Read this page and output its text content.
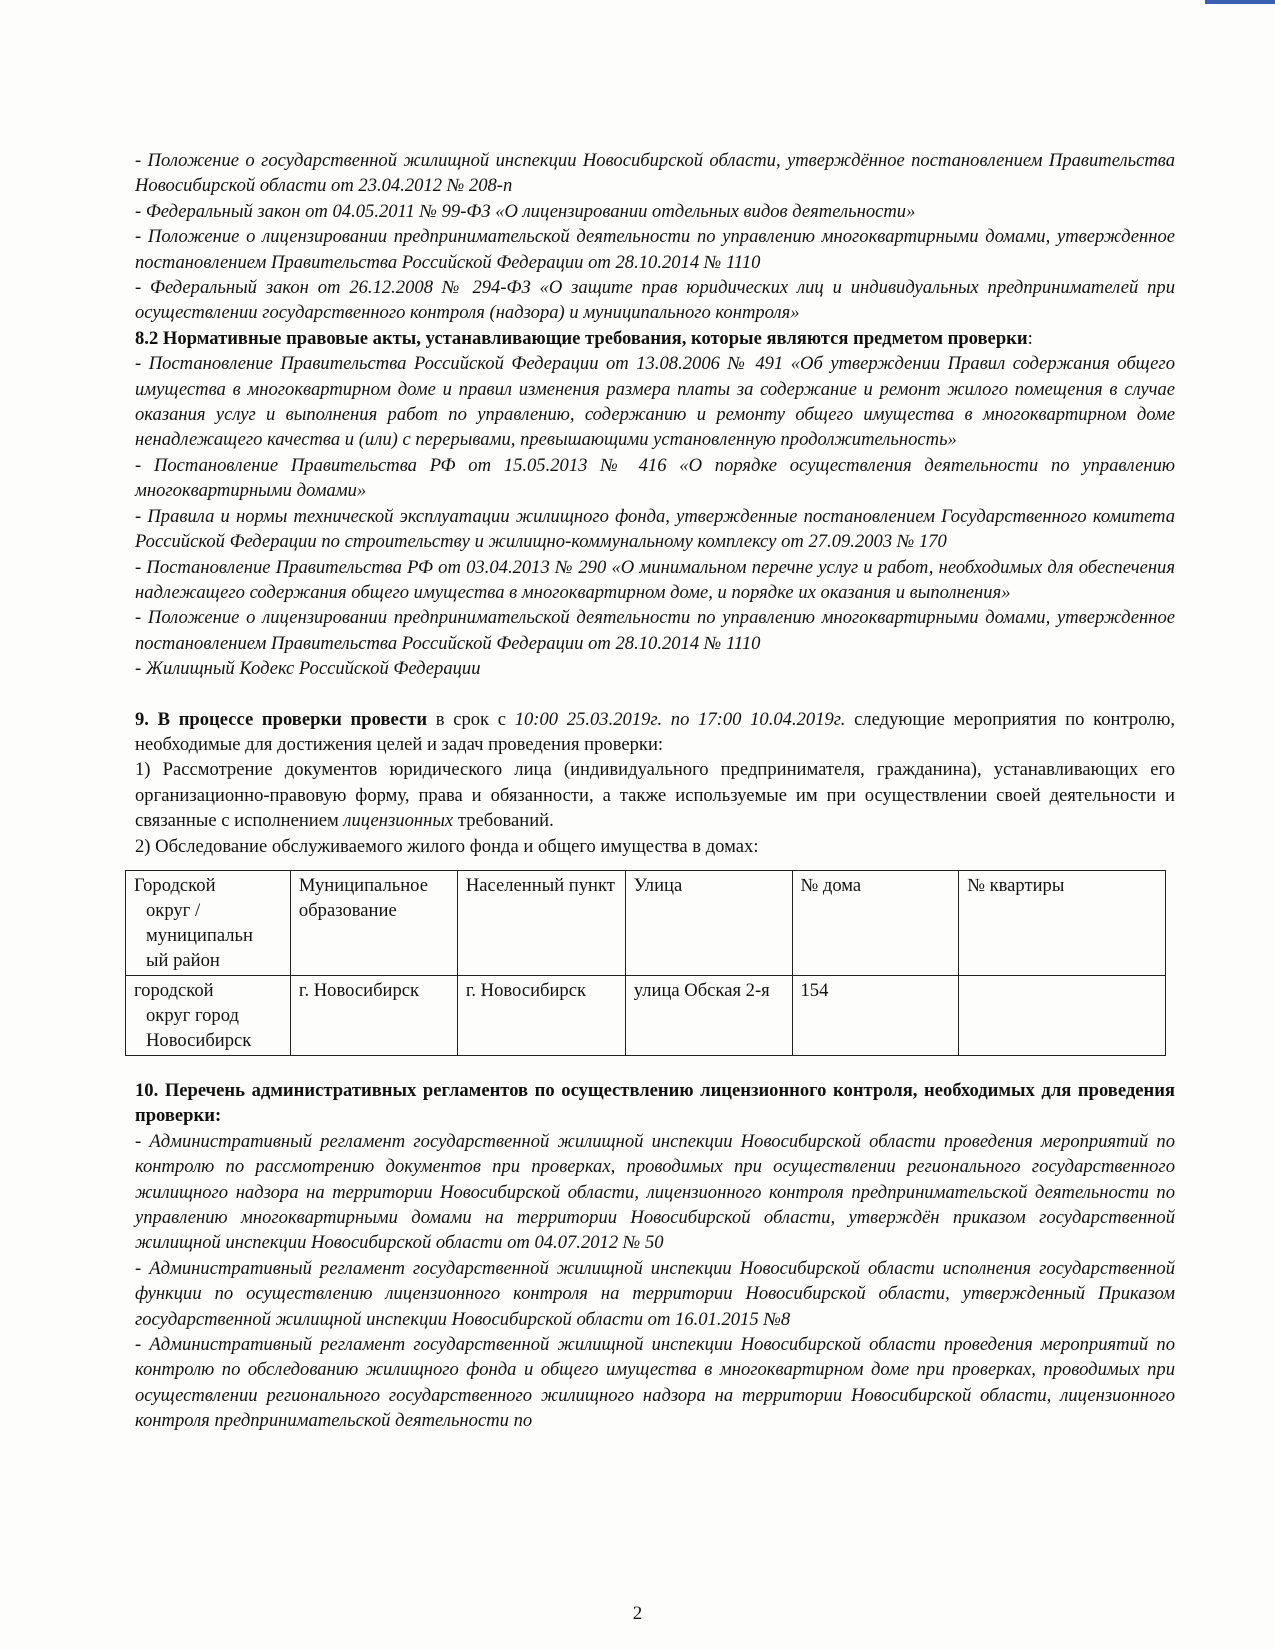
- Положение о государственной жилищной инспекции Новосибирской области, утверждённое постановлением Правительства Новосибирской области от 23.04.2012 № 208-п

- Федеральный закон от 04.05.2011 № 99-ФЗ «О лицензировании отдельных видов деятельности»

- Положение о лицензировании предпринимательской деятельности по управлению многоквартирными домами, утвержденное постановлением Правительства Российской Федерации от 28.10.2014 № 1110

- Федеральный закон от 26.12.2008 № 294-ФЗ «О защите прав юридических лиц и индивидуальных предпринимателей при осуществлении государственного контроля (надзора) и муниципального контроля»

8.2 Нормативные правовые акты, устанавливающие требования, которые являются предметом проверки:

- Постановление Правительства Российской Федерации от 13.08.2006 № 491 «Об утверждении Правил содержания общего имущества в многоквартирном доме и правил изменения размера платы за содержание и ремонт жилого помещения в случае оказания услуг и выполнения работ по управлению, содержанию и ремонту общего имущества в многоквартирном доме ненадлежащего качества и (или) с перерывами, превышающими установленную продолжительность»

- Постановление Правительства РФ от 15.05.2013 № 416 «О порядке осуществления деятельности по управлению многоквартирными домами»

- Правила и нормы технической эксплуатации жилищного фонда, утвержденные постановлением Государственного комитета Российской Федерации по строительству и жилищно-коммунальному комплексу от 27.09.2003 № 170

- Постановление Правительства РФ от 03.04.2013 № 290 «О минимальном перечне услуг и работ, необходимых для обеспечения надлежащего содержания общего имущества в многоквартирном доме, и порядке их оказания и выполнения»

- Положение о лицензировании предпринимательской деятельности по управлению многоквартирными домами, утвержденное постановлением Правительства Российской Федерации от 28.10.2014 № 1110

- Жилищный Кодекс Российской Федерации

9. В процессе проверки провести в срок с 10:00 25.03.2019г. по 17:00 10.04.2019г. следующие мероприятия по контролю, необходимые для достижения целей и задач проведения проверки:

1) Рассмотрение документов юридического лица (индивидуального предпринимателя, гражданина), устанавливающих его организационно-правовую форму, права и обязанности, а также используемые им при осуществлении своей деятельности и связанные с исполнением лицензионных требований.

2) Обследование обслуживаемого жилого фонда и общего имущества в домах:

Городской

округ /
муниципальн
ый район	Муниципальное образование	Населенный пункт	Улица	№ дома	№ квартиры
городской

округ город
Новосибирск	г. Новосибирск	г. Новосибирск	улица Обская 2-я	154	

10. Перечень административных регламентов по осуществлению лицензионного контроля, необходимых для проведения проверки:

- Административный регламент государственной жилищной инспекции Новосибирской области проведения мероприятий по контролю по рассмотрению документов при проверках, проводимых при осуществлении регионального государственного жилищного надзора на территории Новосибирской области, лицензионного контроля предпринимательской деятельности по управлению многоквартирными домами на территории Новосибирской области, утверждён приказом государственной жилищной инспекции Новосибирской области от 04.07.2012 № 50

- Административный регламент государственной жилищной инспекции Новосибирской области исполнения государственной функции по осуществлению лицензионного контроля на территории Новосибирской области, утвержденный Приказом государственной жилищной инспекции Новосибирской области от 16.01.2015 №8

- Административный регламент государственной жилищной инспекции Новосибирской области проведения мероприятий по контролю по обследованию жилищного фонда и общего имущества в многоквартирном доме при проверках, проводимых при осуществлении регионального государственного жилищного надзора на территории Новосибирской области, лицензионного контроля предпринимательской деятельности по

2
